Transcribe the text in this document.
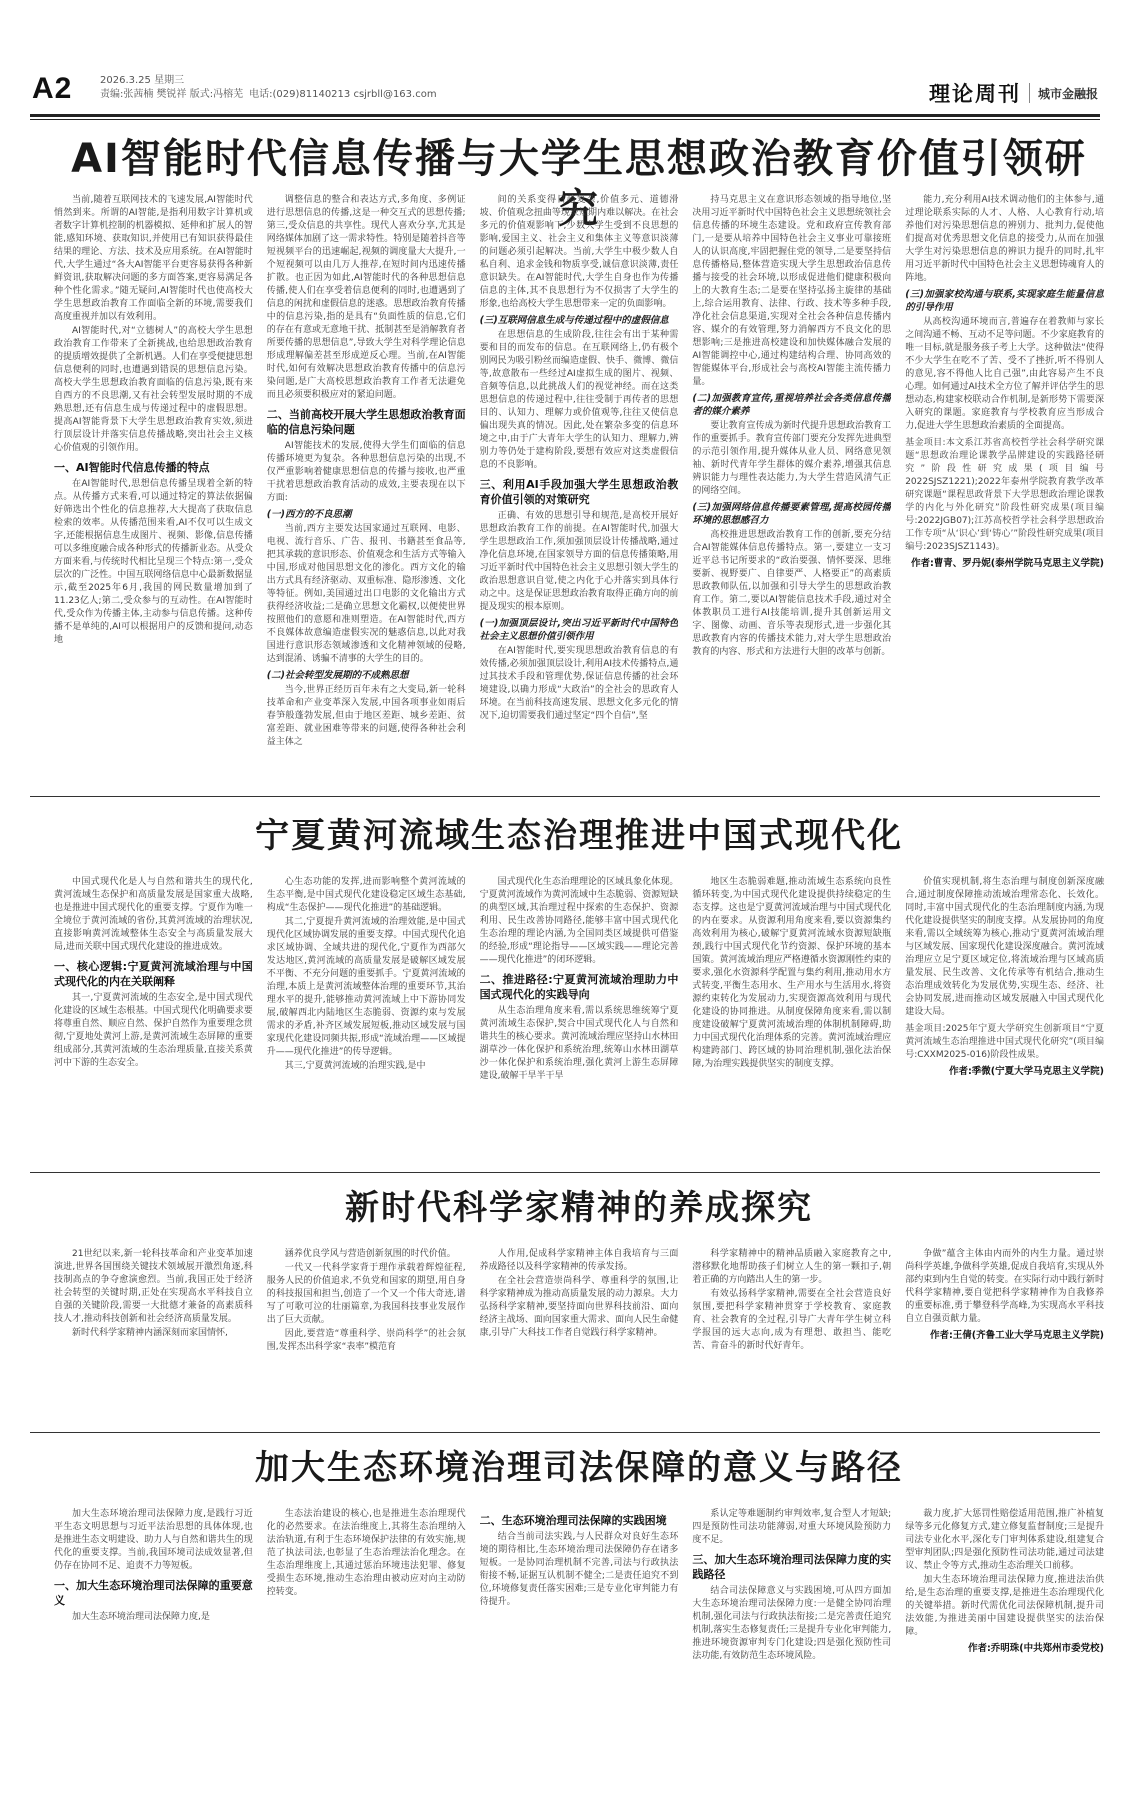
A2	2026.3.25 星期三
责编:张茜楠 樊锐祥 版式:冯榕芜 电话:(029)81140213 csjrbll@163.com	理论周刊 城市金融报
AI智能时代信息传播与大学生思想政治教育价值引领研究

当前,随着互联网技术的飞速发展,AI智能时代悄然到来。所谓的AI智能,是指利用数字计算机或者数字计算机控制的机器模拟、延伸和扩展人的智能,感知环境、获取知识,并使用已有知识获得最佳结果的理论、方法、技术及应用系统。在AI智能时代,大学生通过“各大AI智能平台更容易获得各种新鲜资讯,获取解决问题的多方面答案,更容易满足各种个性化需求。”随无疑问,AI智能时代也使高校大学生思想政治教育工作面临全新的环境,需要我们高度重视并加以有效利用。

AI智能时代,对“立德树人”的高校大学生思想政治教育工作带来了全新挑战,也给思想政治教育的提质增效提供了全新机遇。人们在享受便捷思想信息便利的同时,也遭遇到错误的思想信息污染。高校大学生思想政治教育面临的信息污染,既有来自西方的不良思潮,又有社会转型发展时期的不成熟思想,还有信息生成与传递过程中的虚假思想。提高AI智能背景下大学生思想政治教育实效,须进行顶层设计并落实信息传播战略,突出社会主义核心价值观的引领作用。

一、AI智能时代信息传播的特点

在AI智能时代,思想信息传播呈现着全新的特点。从传播方式来看,可以通过特定的算法依据偏好筛选出个性化的信息推荐,大大提高了获取信息检索的效率。从传播范围来看,AI不仅可以生成文字,还能根据信息生成图片、视频、影像,信息传播可以多维度融合成各种形式的传播新业态。从受众方面来看,与传统时代相比呈现三个特点:第一,受众层次的广泛性。中国互联网络信息中心最新数据显示,截至2025年6月,我国的网民数量增加到了11.23亿人;第二,受众参与的互动性。在AI智能时代,受众作为传播主体,主动参与信息传播。这种传播不是单纯的,AI可以根据用户的反馈和提问,动态地

调整信息的整合和表达方式,多角度、多例证进行思想信息的传播,这是一种交互式的思想传播;第三,受众信息的共享性。现代人喜欢分享,尤其是网络媒体加剧了这一需求特性。特别是随着抖音等短视频平台的迅速崛起,视频的调度量大大提升,一个短视频可以由几万人推荐,在短时间内迅速传播扩散。也正因为如此,AI智能时代的各种思想信息传播,使人们在享受着信息便利的同时,也遭遇到了信息的闲扰和虚假信息的迷惑。思想政治教育传播中的信息污染,指的是具有“负面性质的信息,它们的存在有意或无意地干扰、抵制甚至是消解教育者所要传播的思想信息”,导致大学生对科学理论信息形成理解偏差甚至形成逆反心理。当前,在AI智能时代,如何有效解决思想政治教育传播中的信息污染问题,是广大高校思想政治教育工作者无法避免而且必须要积极应对的紧迫问题。

二、当前高校开展大学生思想政治教育面临的信息污染问题

AI智能技术的发展,使得大学生们面临的信息传播环境更为复杂。各种思想信息污染的出现,不仅严重影响着健康思想信息的传播与接收,也严重干扰着思想政治教育活动的成效,主要表现在以下方面:

(一)西方的不良思潮

当前,西方主要发达国家通过互联网、电影、电视、流行音乐、广告、报刊、书籍甚至食品等,把其承载的意识形态、价值观念和生活方式等输入中国,形成对他国思想文化的渗化。西方文化的输出方式具有经济驱动、双重标准、隐形渗透、文化等特征。例如,美国通过出口电影的文化输出方式获得经济收益;二是确立思想文化霸权,以便使世界按照他们的意愿和准则塑造。在AI智能时代,西方不良媒体故意编造虚假实况的魅惑信息,以此对我国进行意识形态领域渗透和文化精神领域的侵略,达到混淆、诱骗不清事的大学生的目的。

(二)社会转型发展期的不成熟思想

当今,世界正经历百年未有之大变局,新一轮科技革命和产业变革深入发展,中国各项事业如雨后春笋般蓬勃发展,但由于地区差距、城乡差距、贫富差距、就业困难等带来的问题,使得各种社会利益主体之

间的关系变得日趋复杂,价值多元、道德滑坡、价值观念扭曲等现象短期内难以解决。在社会多元的价值观影响下,少数大学生受到不良思想的影响,爱国主义、社会主义和集体主义等意识淡薄的问题必须引起解决。当前,大学生中极少数人自私自利、追求金钱和物质享受,诚信意识淡薄,责任意识缺失。在AI智能时代,大学生自身也作为传播信息的主体,其不良思想行为不仅损害了大学生的形象,也给高校大学生思想带来一定的负面影响。

(三)互联网信息生成与传递过程中的虚假信息

在思想信息的生成阶段,往往会有出于某种需要和目的而发布的信息。在互联网络上,仍有极个别网民为吸引粉丝而编造虚假、快手、微博、微信等,故意散布一些经过AI虚拟生成的图片、视频、音频等信息,以此挑战人们的视觉神经。而在这类思想信息的传递过程中,往往受制于再传者的思想目的、认知力、理解力或价值观等,往往又使信息偏出现失真的情况。因此,处在繁杂多变的信息环境之中,由于广大青年大学生的认知力、理解力,辨别力等仍处于建构阶段,要想有效应对这类虚假信息的不良影响。

三、利用AI手段加强大学生思想政治教育价值引领的对策研究

正确、有效的思想引导和规范,是高校开展好思想政治教育工作的前提。在AI智能时代,加强大学生思想政治工作,须加强顶层设计传播战略,通过净化信息环境,在国家领导方面的信息传播策略,用习近平新时代中国特色社会主义思想引领大学生的政治思想意识自觉,使之内化于心并落实到具体行动之中。这是保证思想政治教育取得正确方向的前提及现实的根本原则。

(一)加强顶层设计,突出习近平新时代中国特色社会主义思想价值引领作用

在AI智能时代,要实现思想政治教育信息的有效传播,必须加强顶层设计,利用AI技术传播特点,通过其技术手段和管理优势,保证信息传播的社会环境建设,以确力形成“大政治”的全社会的思政育人环境。在当前科技高速发展、思想文化多元化的情况下,迫切需要我们通过坚定“四个自信”,坚

持马克思主义在意识形态领域的指导地位,坚决用习近平新时代中国特色社会主义思想统领社会信息传播的环境生态建设。党和政府宣传教育部门,一是要从培养中国特色社会主义事业可靠接班人的认识高度,牢固把握住党的领导,二是要坚持信息传播格局,整体营造实现大学生思想政治信息传播与接受的社会环境,以形成促进他们健康积极向上的大教育生态;二是要在坚持弘扬主旋律的基础上,综合运用教育、法律、行政、技术等多种手段,净化社会信息渠道,实现对全社会各种信息传播内容、媒介的有效管理,努力消解西方不良文化的思想影响;三是推进高校建设和加快媒体融合发展的AI智能调控中心,通过构建结构合理、协同高效的智能媒体平台,形成社会与高校AI智能主流传播力量。

(二)加强教育宣传,重视培养社会各类信息传播者的媒介素养

要让教育宣传成为新时代提升思想政治教育工作的重要抓手。教育宣传部门要充分发挥先进典型的示范引领作用,提升媒体从业人员、网络意见领袖、新时代青年学生群体的媒介素养,增强其信息辨识能力与理性表达能力,为大学生营造风清气正的网络空间。

(三)加强网络信息传播要素管理,提高校园传播环境的思想感召力

高校推进思想政治教育工作的创新,要充分结合AI智能媒体信息传播特点。第一,要建立一支习近平总书记所要求的“政治要强、情怀要深、思维要新、视野要广、自律要严、人格要正”的高素质思政教师队伍,以加强和引导大学生的思想政治教育工作。第二,要以AI智能信息技术手段,通过对全体教职员工进行AI技能培训,提升其创新运用文字、图像、动画、音乐等表现形式,进一步强化其思政教育内容的传播技术能力,对大学生思想政治教育的内容、形式和方法进行大胆的改革与创新。

能力,充分利用AI技术调动他们的主体参与,通过理论联系实际的人才、人格、人心教育行动,培养他们对污染思想信息的辨别力、批判力,促使他们提高对优秀思想文化信息的接受力,从而在加强大学生对污染思想信息的辨识力提升的同时,扎牢用习近平新时代中国特色社会主义思想铸魂育人的阵地。

(三)加强家校沟通与联系,实现家庭生能量信息的引导作用

从高校沟通环境而言,普遍存在着教师与家长之间沟通不畅、互动不足等问题。不少家庭教育的唯一目标,就是服务孩子考上大学。这种做法“使得不少大学生在吃不了苦、受不了挫折,听不得别人的意见,容不得他人比自己强”,由此容易产生不良心理。如何通过AI技术全方位了解并评估学生的思想动态,构建家校联动合作机制,是新形势下需要深入研究的课题。家庭教育与学校教育应当形成合力,促进大学生思想政治素质的全面提高。

基金项目:本文系江苏省高校哲学社会科学研究课题“思想政治理论课教学品牌建设的实践路径研究”阶段性研究成果(项目编号2022SJSZ1221);2022年泰州学院教育教学改革研究课题“课程思政背景下大学思想政治理论课教学的内化与外化研究”阶段性研究成果(项目编号:2022JGB07);江苏高校哲学社会科学思想政治工作专项“从‘识心’到‘铸心’”阶段性研究成果(项目编号:2023SJSZ1143)。
作者:曹青、罗丹妮(泰州学院马克思主义学院)
宁夏黄河流域生态治理推进中国式现代化

中国式现代化是人与自然和谐共生的现代化,黄河流域生态保护和高质量发展是国家重大战略,也是推进中国式现代化的重要支撑。宁夏作为唯一全境位于黄河流域的省份,其黄河流域的治理状况,直接影响黄河流域整体生态安全与高质量发展大局,进而关联中国式现代化建设的推进成效。

一、核心逻辑:宁夏黄河流域治理与中国式现代化的内在关联阐释

其一,宁夏黄河流域的生态安全,是中国式现代化建设的区域生态根基。中国式现代化明确要求要将尊重自然、顺应自然、保护自然作为重要理念贯彻,宁夏地处黄河上游,是黄河流域生态屏障的重要组成部分,其黄河流域的生态治理质量,直接关系黄河中下游的生态安全。

心生态功能的发挥,进而影响整个黄河流域的生态平衡,是中国式现代化建设稳定区域生态基础,构成“生态保护——现代化推进”的基础逻辑。

其二,宁夏提升黄河流域的治理效能,是中国式现代化区域协调发展的重要支撑。中国式现代化追求区域协调、全域共进的现代化,宁夏作为西部欠发达地区,黄河流域的高质量发展是破解区域发展不平衡、不充分问题的重要抓手。宁夏黄河流域的治理,本质上是黄河流域整体治理的重要环节,其治理水平的提升,能够推动黄河流域上中下游协同发展,破解西北内陆地区生态脆弱、资源约束与发展需求的矛盾,补齐区域发展短板,推动区域发展与国家现代化建设同频共振,形成“流域治理——区域提升——现代化推进”的传导逻辑。

其三,宁夏黄河流域的治理实践,是中

国式现代化生态治理理论的区域具象化体现。宁夏黄河流域作为黄河流域中生态脆弱、资源短缺的典型区域,其治理过程中探索的生态保护、资源利用、民生改善协同路径,能够丰富中国式现代化生态治理的理论内涵,为全国同类区域提供可借鉴的经验,形成“理论指导——区域实践——理论完善——现代化推进”的闭环逻辑。

二、推进路径:宁夏黄河流域治理助力中国式现代化的实践导向

从生态治理角度来看,需以系统思维统筹宁夏黄河流域生态保护,契合中国式现代化人与自然和谐共生的核心要求。黄河流域治理应坚持山水林田湖草沙一体化保护和系统治理,统筹山水林田湖草沙一体化保护和系统治理,强化黄河上游生态屏障建设,破解干旱半干旱

地区生态脆弱难题,推动流域生态系统向良性循环转变,为中国式现代化建设提供持续稳定的生态支撑。这也是宁夏黄河流域治理与中国式现代化的内在要求。从资源利用角度来看,要以资源集约高效利用为核心,破解宁夏黄河流域水资源短缺瓶颈,践行中国式现代化节约资源、保护环境的基本国策。黄河流域治理应严格遵循水资源刚性约束的要求,强化水资源科学配置与集约利用,推动用水方式转变,平衡生态用水、生产用水与生活用水,将资源约束转化为发展动力,实现资源高效利用与现代化建设的协同推进。从制度保障角度来看,需以制度建设破解宁夏黄河流域治理的体制机制障碍,助力中国式现代化治理体系的完善。黄河流域治理应构建跨部门、跨区域的协同治理机制,强化法治保障,为治理实践提供坚实的制度支撑。

价值实现机制,将生态治理与制度创新深度融合,通过制度保障推动流域治理常态化、长效化。同时,丰富中国式现代化的生态治理制度内涵,为现代化建设提供坚实的制度支撑。从发展协同的角度来看,需以全域统筹为核心,推动宁夏黄河流域治理与区域发展、国家现代化建设深度融合。黄河流域治理应立足宁夏区域定位,将流域治理与区域高质量发展、民生改善、文化传承等有机结合,推动生态治理成效转化为发展优势,实现生态、经济、社会协同发展,进而推动区域发展融入中国式现代化建设大局。

基金项目:2025年宁夏大学研究生创新项目“宁夏黄河流域生态治理推进中国式现代化研究”(项目编号:CXXM2025-016)阶段性成果。
作者:季微(宁夏大学马克思主义学院)
新时代科学家精神的养成探究

21世纪以来,新一轮科技革命和产业变革加速演进,世界各国围绕关键技术领域展开激烈角逐,科技制高点的争夺愈演愈烈。当前,我国正处于经济社会转型的关键时期,正处在实现高水平科技自立自强的关键阶段,需要一大批德才兼备的高素质科技人才,推动科技创新和社会经济高质量发展。

新时代科学家精神内涵深刻而家国情怀,

涵养优良学风与营造创新氛围的时代价值。

一代又一代科学家背于理作承载着辉煌征程,服务人民的价值追求,不负党和国家的期望,用自身的科技报国和担当,创造了一个又一个伟大奇迹,谱写了可歌可泣的壮丽篇章,为我国科技事业发展作出了巨大贡献。

因此,要营造“尊重科学、崇尚科学”的社会氛围,发挥杰出科学家“表率”模范育

人作用,促成科学家精神主体自我培育与三面养成路径以及科学家精神的传承发扬。

在全社会营造崇尚科学、尊重科学的氛围,让科学家精神成为推动高质量发展的动力源泉。大力弘扬科学家精神,要坚持面向世界科技前沿、面向经济主战场、面向国家重大需求、面向人民生命健康,引导广大科技工作者自觉践行科学家精神。

科学家精神中的精神品质融入家庭教育之中,潜移默化地帮助孩子们树立人生的第一颗扣子,朝着正确的方向踏出人生的第一步。

有效弘扬科学家精神,需要在全社会营造良好氛围,要把科学家精神贯穿于学校教育、家庭教育、社会教育的全过程,引导广大青年学生树立科学报国的远大志向,成为有理想、敢担当、能吃苦、肯奋斗的新时代好青年。

争做”蕴含主体由内而外的内生力量。通过崇尚科学英雄,争做科学英雄,促成自我培育,实现从外部约束到内生自觉的转变。在实际行动中践行新时代科学家精神,要自觉把科学家精神作为自我修养的重要标准,勇于攀登科学高峰,为实现高水平科技自立自强贡献力量。

作者:王倩(齐鲁工业大学马克思主义学院)
加大生态环境治理司法保障的意义与路径

加大生态环境治理司法保障力度,是践行习近平生态文明思想与习近平法治思想的具体体现,也是推进生态文明建设、助力人与自然和谐共生的现代化的重要支撑。当前,我国环境司法成效显著,但仍存在协同不足、追责不力等短板。

一、加大生态环境治理司法保障的重要意义

加大生态环境治理司法保障力度,是

生态法治建设的核心,也是推进生态治理现代化的必然要求。在法治维度上,其将生态治理纳入法治轨道,有利于生态环境保护法律的有效实施,规范了执法司法,也彰显了生态治理法治化理念。在生态治理维度上,其通过惩治环境违法犯罪、修复受损生态环境,推动生态治理由被动应对向主动防控转变。

二、生态环境治理司法保障的实践困境

结合当前司法实践,与人民群众对良好生态环境的期待相比,生态环境治理司法保障仍存在诸多短板。一是协同治理机制不完善,司法与行政执法衔接不畅,证据互认机制不健全;二是责任追究不到位,环境修复责任落实困难;三是专业化审判能力有待提升。

系认定等难题制约审判效率,复合型人才短缺;四是预防性司法功能薄弱,对重大环境风险预防力度不足。

三、加大生态环境治理司法保障力度的实践路径

结合司法保障意义与实践困境,可从四方面加大生态环境治理司法保障力度:一是健全协同治理机制,强化司法与行政执法衔接;二是完善责任追究机制,落实生态修复责任;三是提升专业化审判能力,推进环境资源审判专门化建设;四是强化预防性司法功能,有效防范生态环境风险。

裁力度,扩大惩罚性赔偿适用范围,推广补植复绿等多元化修复方式,建立修复监督制度;三是提升司法专业化水平,深化专门审判体系建设,组建复合型审判团队;四是强化预防性司法功能,通过司法建议、禁止令等方式,推动生态治理关口前移。

加大生态环境治理司法保障力度,推进法治供给,是生态治理的重要支撑,是推进生态治理现代化的关键举措。新时代需优化司法保障机制,提升司法效能,为推进美丽中国建设提供坚实的法治保障。

作者:乔明珠(中共郑州市委党校)
